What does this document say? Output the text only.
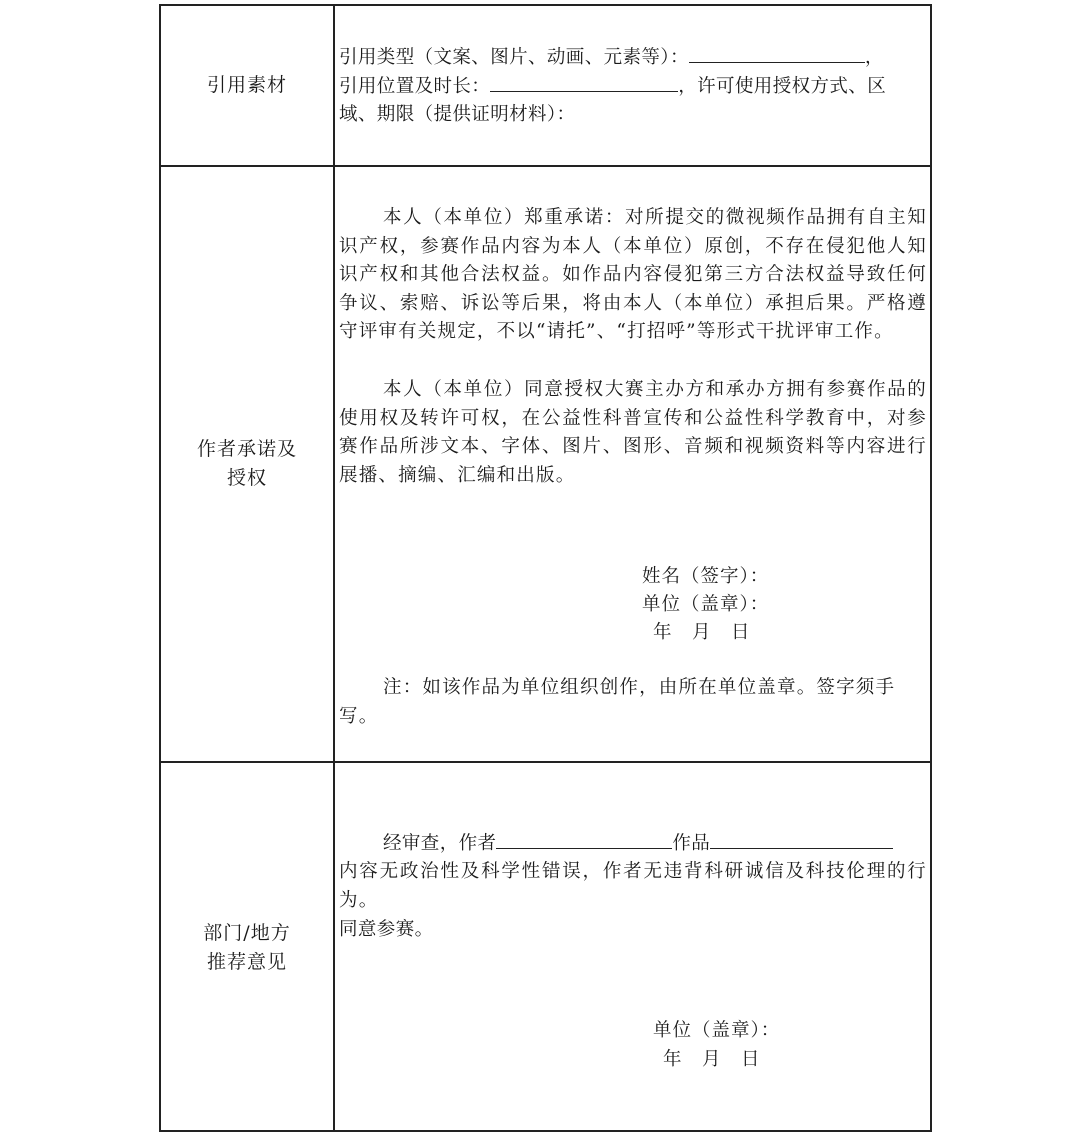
引用素材
引用类型（文案、图片、动画、元素等）：	，
引用位置及时长：	，许可使用授权方式、区
域、期限（提供证明材料）：
作者承诺及
授权
本人（本单位）郑重承诺：对所提交的微视频作品拥有自主知识产权，参赛作品内容为本人（本单位）原创，不存在侵犯他人知识产权和其他合法权益。如作品内容侵犯第三方合法权益导致任何争议、索赔、诉讼等后果，将由本人（本单位）承担后果。严格遵守评审有关规定，不以“请托”、“打招呼”等形式干扰评审工作。
本人（本单位）同意授权大赛主办方和承办方拥有参赛作品的使用权及转许可权，在公益性科普宣传和公益性科学教育中，对参赛作品所涉文本、字体、图片、图形、音频和视频资料等内容进行展播、摘编、汇编和出版。
姓名（签字）：
单位（盖章）：
年　月　日
注：如该作品为单位组织创作，由所在单位盖章。签字须手写。
部门/地方
推荐意见
经审查，作者	作品
内容无政治性及科学性错误，作者无违背科研诚信及科技伦理的行为。
同意参赛。
单位（盖章）：
年　月　日
